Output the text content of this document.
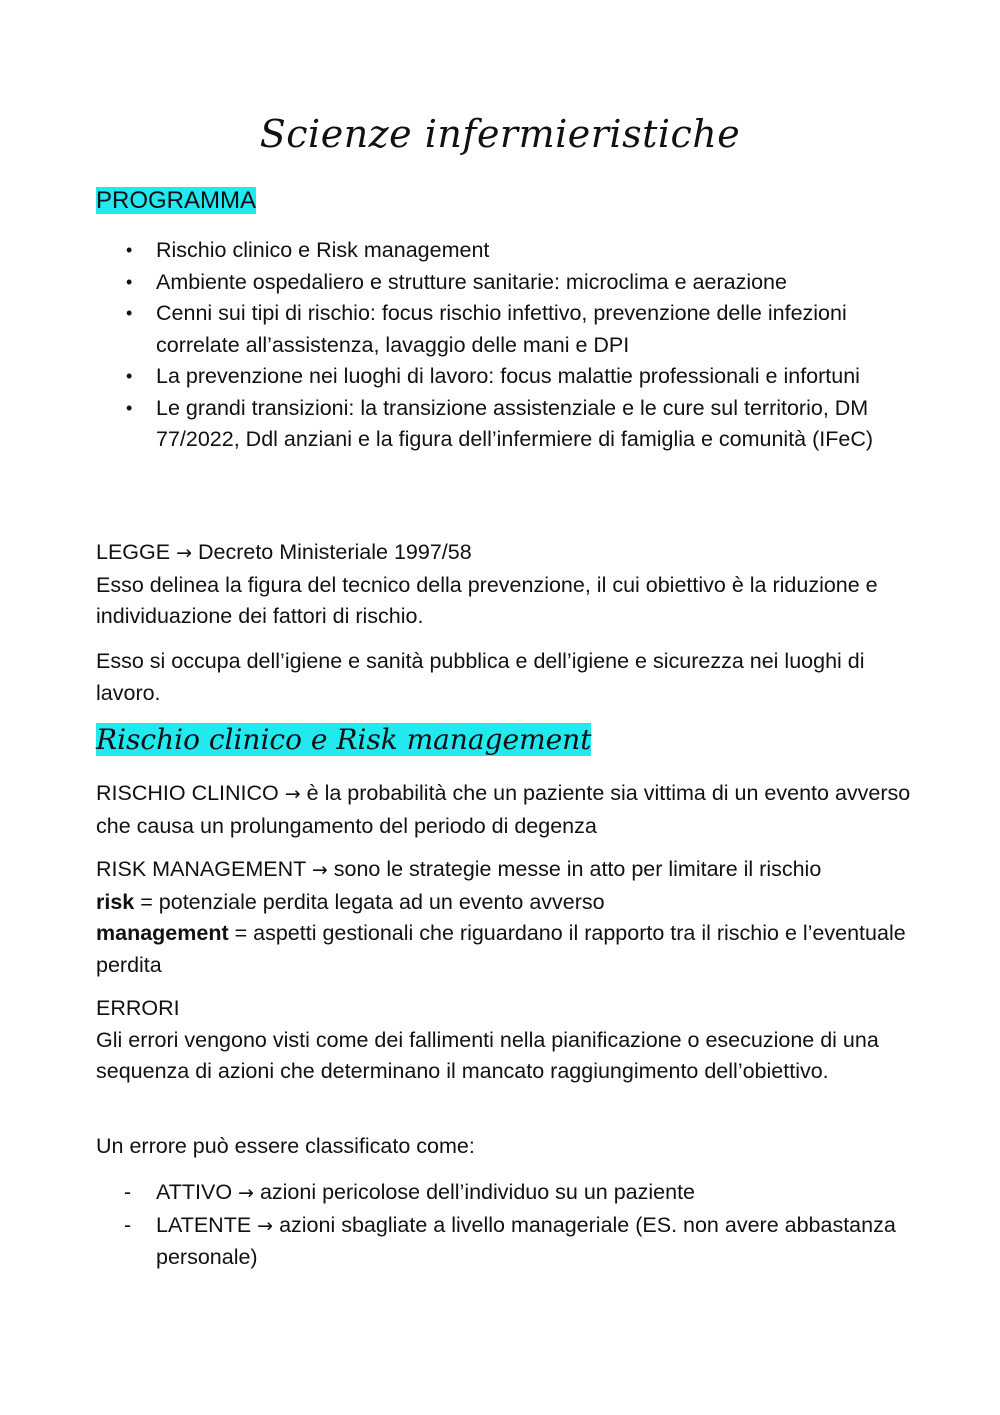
Scienze infermieristiche
PROGRAMMA
• Rischio clinico e Risk management
• Ambiente ospedaliero e strutture sanitarie: microclima e aerazione
• Cenni sui tipi di rischio: focus rischio infettivo, prevenzione delle infezioni correlate all’assistenza, lavaggio delle mani e DPI
• La prevenzione nei luoghi di lavoro: focus malattie professionali e infortuni
• Le grandi transizioni: la transizione assistenziale e le cure sul territorio, DM 77/2022, Ddl anziani e la figura dell’infermiere di famiglia e comunità (IFeC)
LEGGE → Decreto Ministeriale 1997/58
Esso delinea la figura del tecnico della prevenzione, il cui obiettivo è la riduzione e individuazione dei fattori di rischio.
Esso si occupa dell’igiene e sanità pubblica e dell’igiene e sicurezza nei luoghi di lavoro.
Rischio clinico e Risk management
RISCHIO CLINICO → è la probabilità che un paziente sia vittima di un evento avverso che causa un prolungamento del periodo di degenza
RISK MANAGEMENT → sono le strategie messe in atto per limitare il rischio
risk = potenziale perdita legata ad un evento avverso
management = aspetti gestionali che riguardano il rapporto tra il rischio e l’eventuale perdita
ERRORI
Gli errori vengono visti come dei fallimenti nella pianificazione o esecuzione di una sequenza di azioni che determinano il mancato raggiungimento dell’obiettivo.
Un errore può essere classificato come:
- ATTIVO → azioni pericolose dell’individuo su un paziente
- LATENTE → azioni sbagliate a livello manageriale (ES. non avere abbastanza personale)
